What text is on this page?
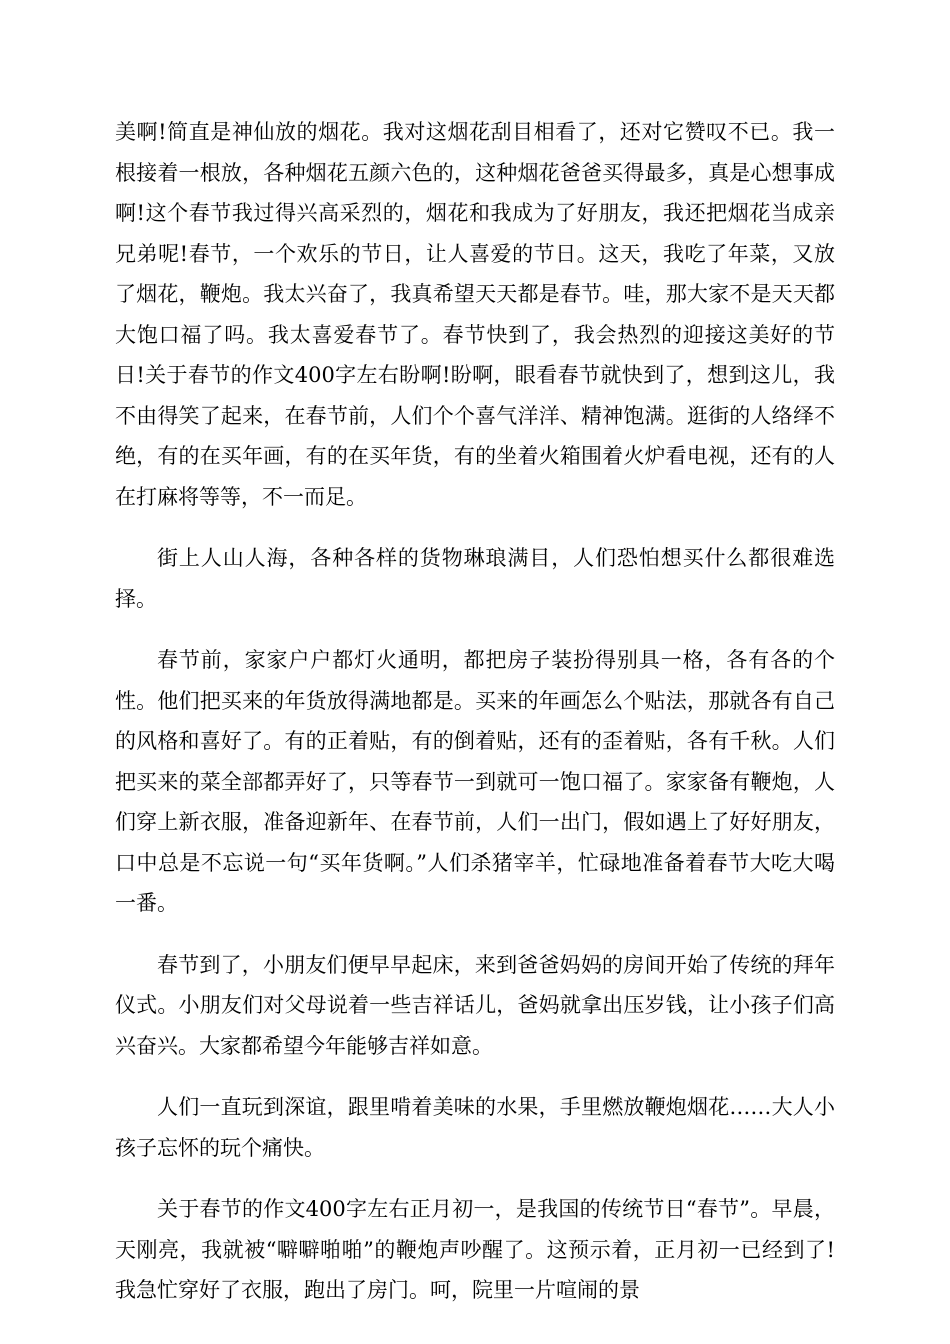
美啊!简直是神仙放的烟花。我对这烟花刮目相看了，还对它赞叹不已。我一根接着一根放，各种烟花五颜六色的，这种烟花爸爸买得最多，真是心想事成啊!这个春节我过得兴高采烈的，烟花和我成为了好朋友，我还把烟花当成亲兄弟呢!春节，一个欢乐的节日，让人喜爱的节日。这天，我吃了年菜，又放了烟花，鞭炮。我太兴奋了，我真希望天天都是春节。哇，那大家不是天天都大饱口福了吗。我太喜爱春节了。春节快到了，我会热烈的迎接这美好的节日!关于春节的作文400字左右盼啊!盼啊，眼看春节就快到了，想到这儿，我不由得笑了起来，在春节前，人们个个喜气洋洋、精神饱满。逛街的人络绎不绝，有的在买年画，有的在买年货，有的坐着火箱围着火炉看电视，还有的人在打麻将等等，不一而足。

街上人山人海，各种各样的货物琳琅满目，人们恐怕想买什么都很难选择。

春节前，家家户户都灯火通明，都把房子装扮得别具一格，各有各的个性。他们把买来的年货放得满地都是。买来的年画怎么个贴法，那就各有自己的风格和喜好了。有的正着贴，有的倒着贴，还有的歪着贴，各有千秋。人们把买来的菜全部都弄好了，只等春节一到就可一饱口福了。家家备有鞭炮，人们穿上新衣服，准备迎新年、在春节前，人们一出门，假如遇上了好好朋友，口中总是不忘说一句“买年货啊。”人们杀猪宰羊，忙碌地准备着春节大吃大喝一番。

春节到了，小朋友们便早早起床，来到爸爸妈妈的房间开始了传统的拜年仪式。小朋友们对父母说着一些吉祥话儿，爸妈就拿出压岁钱，让小孩子们高兴奋兴。大家都希望今年能够吉祥如意。

人们一直玩到深谊，跟里啃着美味的水果，手里燃放鞭炮烟花……大人小孩子忘怀的玩个痛快。

关于春节的作文400字左右正月初一，是我国的传统节日“春节”。早晨，天刚亮，我就被“噼噼啪啪”的鞭炮声吵醒了。这预示着，正月初一已经到了!我急忙穿好了衣服，跑出了房门。呵，院里一片喧闹的景
